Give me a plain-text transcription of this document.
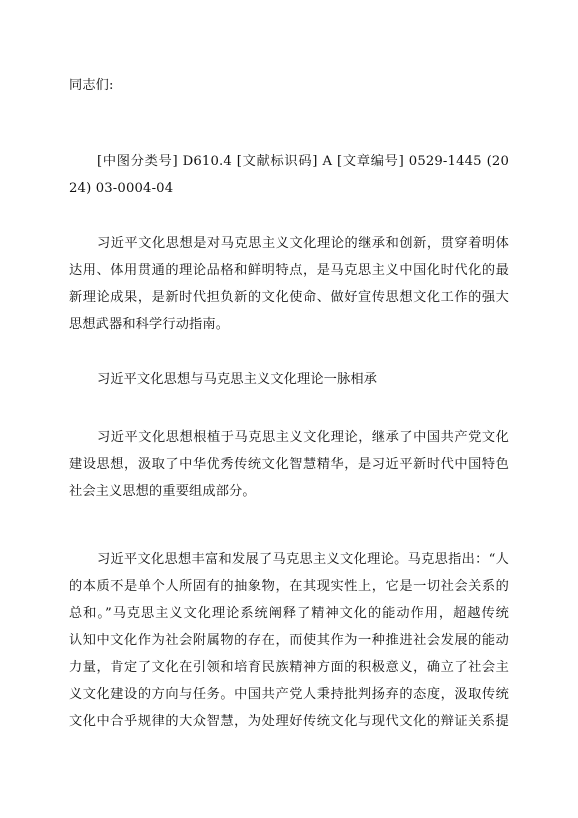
同志们:

[中图分类号] D610.4 [文献标识码] A [文章编号] 0529-1445 (20
24) 03-0004-04

习近平文化思想是对马克思主义文化理论的继承和创新，贯穿着明体
达用、体用贯通的理论品格和鲜明特点，是马克思主义中国化时代化的最
新理论成果，是新时代担负新的文化使命、做好宣传思想文化工作的强大
思想武器和科学行动指南。

习近平文化思想与马克思主义文化理论一脉相承

习近平文化思想根植于马克思主义文化理论，继承了中国共产党文化
建设思想，汲取了中华优秀传统文化智慧精华，是习近平新时代中国特色
社会主义思想的重要组成部分。

习近平文化思想丰富和发展了马克思主义文化理论。马克思指出：“人
的本质不是单个人所固有的抽象物，在其现实性上，它是一切社会关系的
总和。”马克思主义文化理论系统阐释了精神文化的能动作用，超越传统
认知中文化作为社会附属物的存在，而使其作为一种推进社会发展的能动
力量，肯定了文化在引领和培育民族精神方面的积极意义，确立了社会主
义文化建设的方向与任务。中国共产党人秉持批判扬弃的态度，汲取传统
文化中合乎规律的大众智慧，为处理好传统文化与现代文化的辩证关系提
